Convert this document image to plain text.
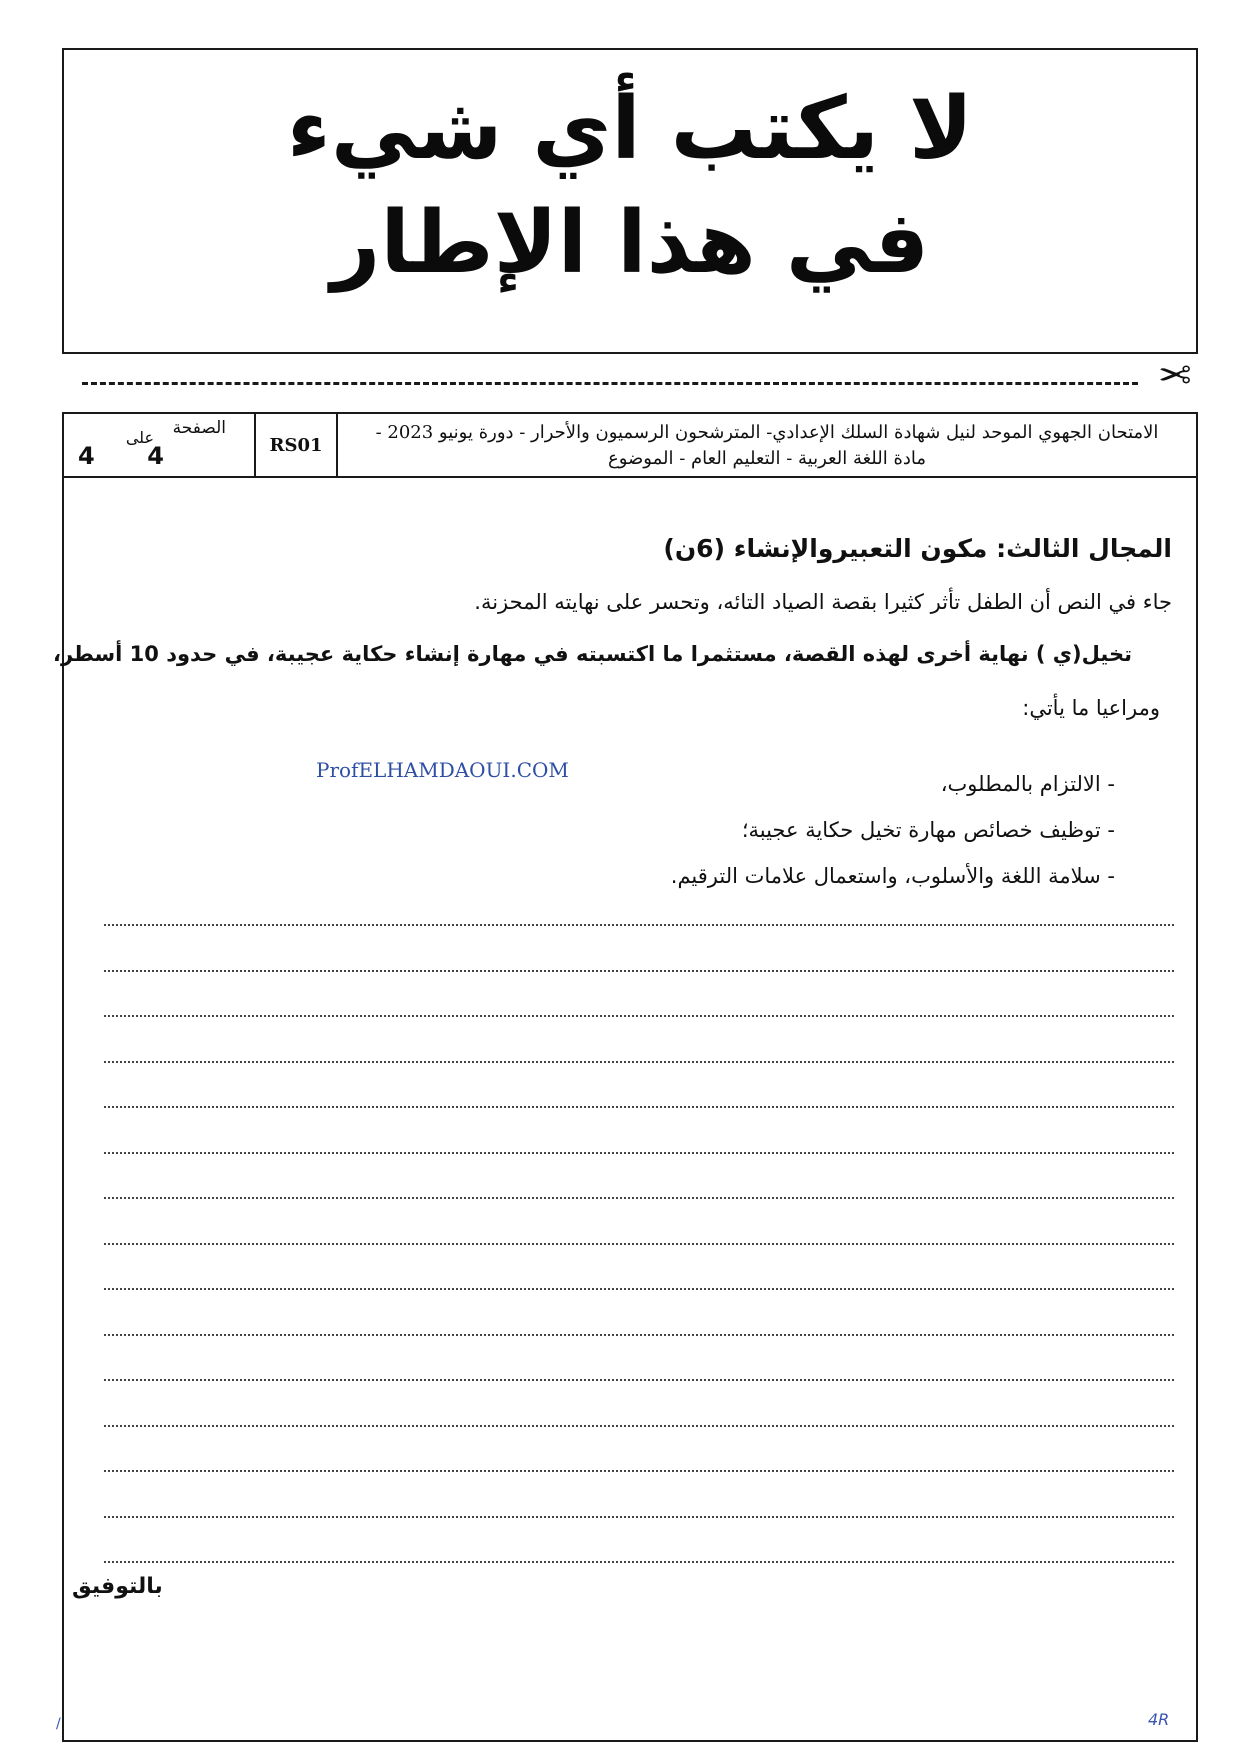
لا يكتب أي شيء
في هذا الإطار
✂
الصفحة
4
على
4	RS01
الامتحان الجهوي الموحد لنيل شهادة السلك الإعدادي- المترشحون الرسميون والأحرار - دورة يونيو 2023 -
مادة اللغة العربية - التعليم العام - الموضوع
المجال الثالث: مكون التعبيروالإنشاء (6ن)
جاء في النص أن الطفل تأثر كثيرا بقصة الصياد التائه، وتحسر على نهايته المحزنة.
تخيل(ي ) نهاية أخرى لهذه القصة، مستثمرا ما اكتسبته في مهارة إنشاء حكاية عجيبة، في حدود 10 أسطر،
ومراعيا ما يأتي:
ProfELHAMDAOUI.COM
- الالتزام بالمطلوب،
- توظيف خصائص مهارة تخيل حكاية عجيبة؛
- سلامة اللغة والأسلوب، واستعمال علامات الترقيم.
بالتوفيق
4R
/
